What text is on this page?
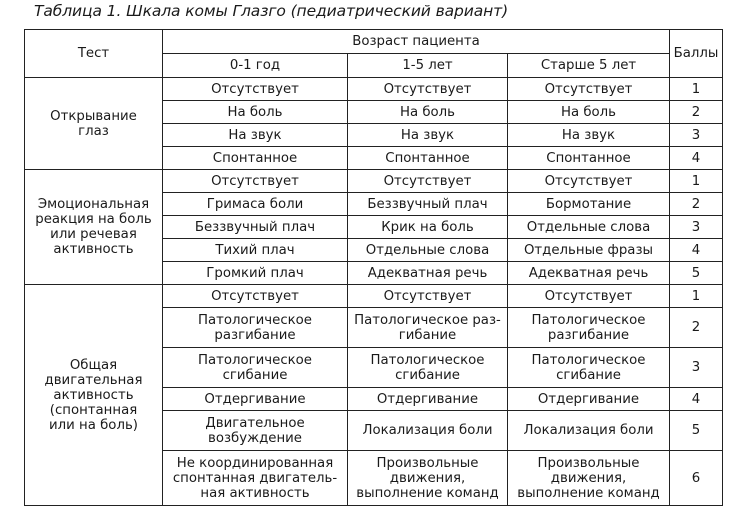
Таблица 1. Шкала комы Глазго (педиатрический вариант)
Тест	Возраст пациента			Баллы
	0-1 год	1-5 лет	Старше 5 лет	
Открывание
глаз	Отсутствует	Отсутствует	Отсутствует	1
	На боль	На боль	На боль	2
	На звук	На звук	На звук	3
	Спонтанное	Спонтанное	Спонтанное	4
Эмоциональная
реакция на боль
или речевая
активность	Отсутствует	Отсутствует	Отсутствует	1
	Гримаса боли	Беззвучный плач	Бормотание	2
	Беззвучный плач	Крик на боль	Отдельные слова	3
	Тихий плач	Отдельные слова	Отдельные фразы	4
	Громкий плач	Адекватная речь	Адекватная речь	5
Общая
двигательная
активность
(спонтанная
или на боль)	Отсутствует	Отсутствует	Отсутствует	1
	Патологическое
разгибание	Патологическое раз-
гибание	Патологическое
разгибание	2
	Патологическое
сгибание	Патологическое
сгибание	Патологическое
сгибание	3
	Отдергивание	Отдергивание	Отдергивание	4
	Двигательное
возбуждение	Локализация боли	Локализация боли	5
	Не координированная
спонтанная двигатель-
ная активность	Произвольные
движения,
выполнение команд	Произвольные
движения,
выполнение команд	6
